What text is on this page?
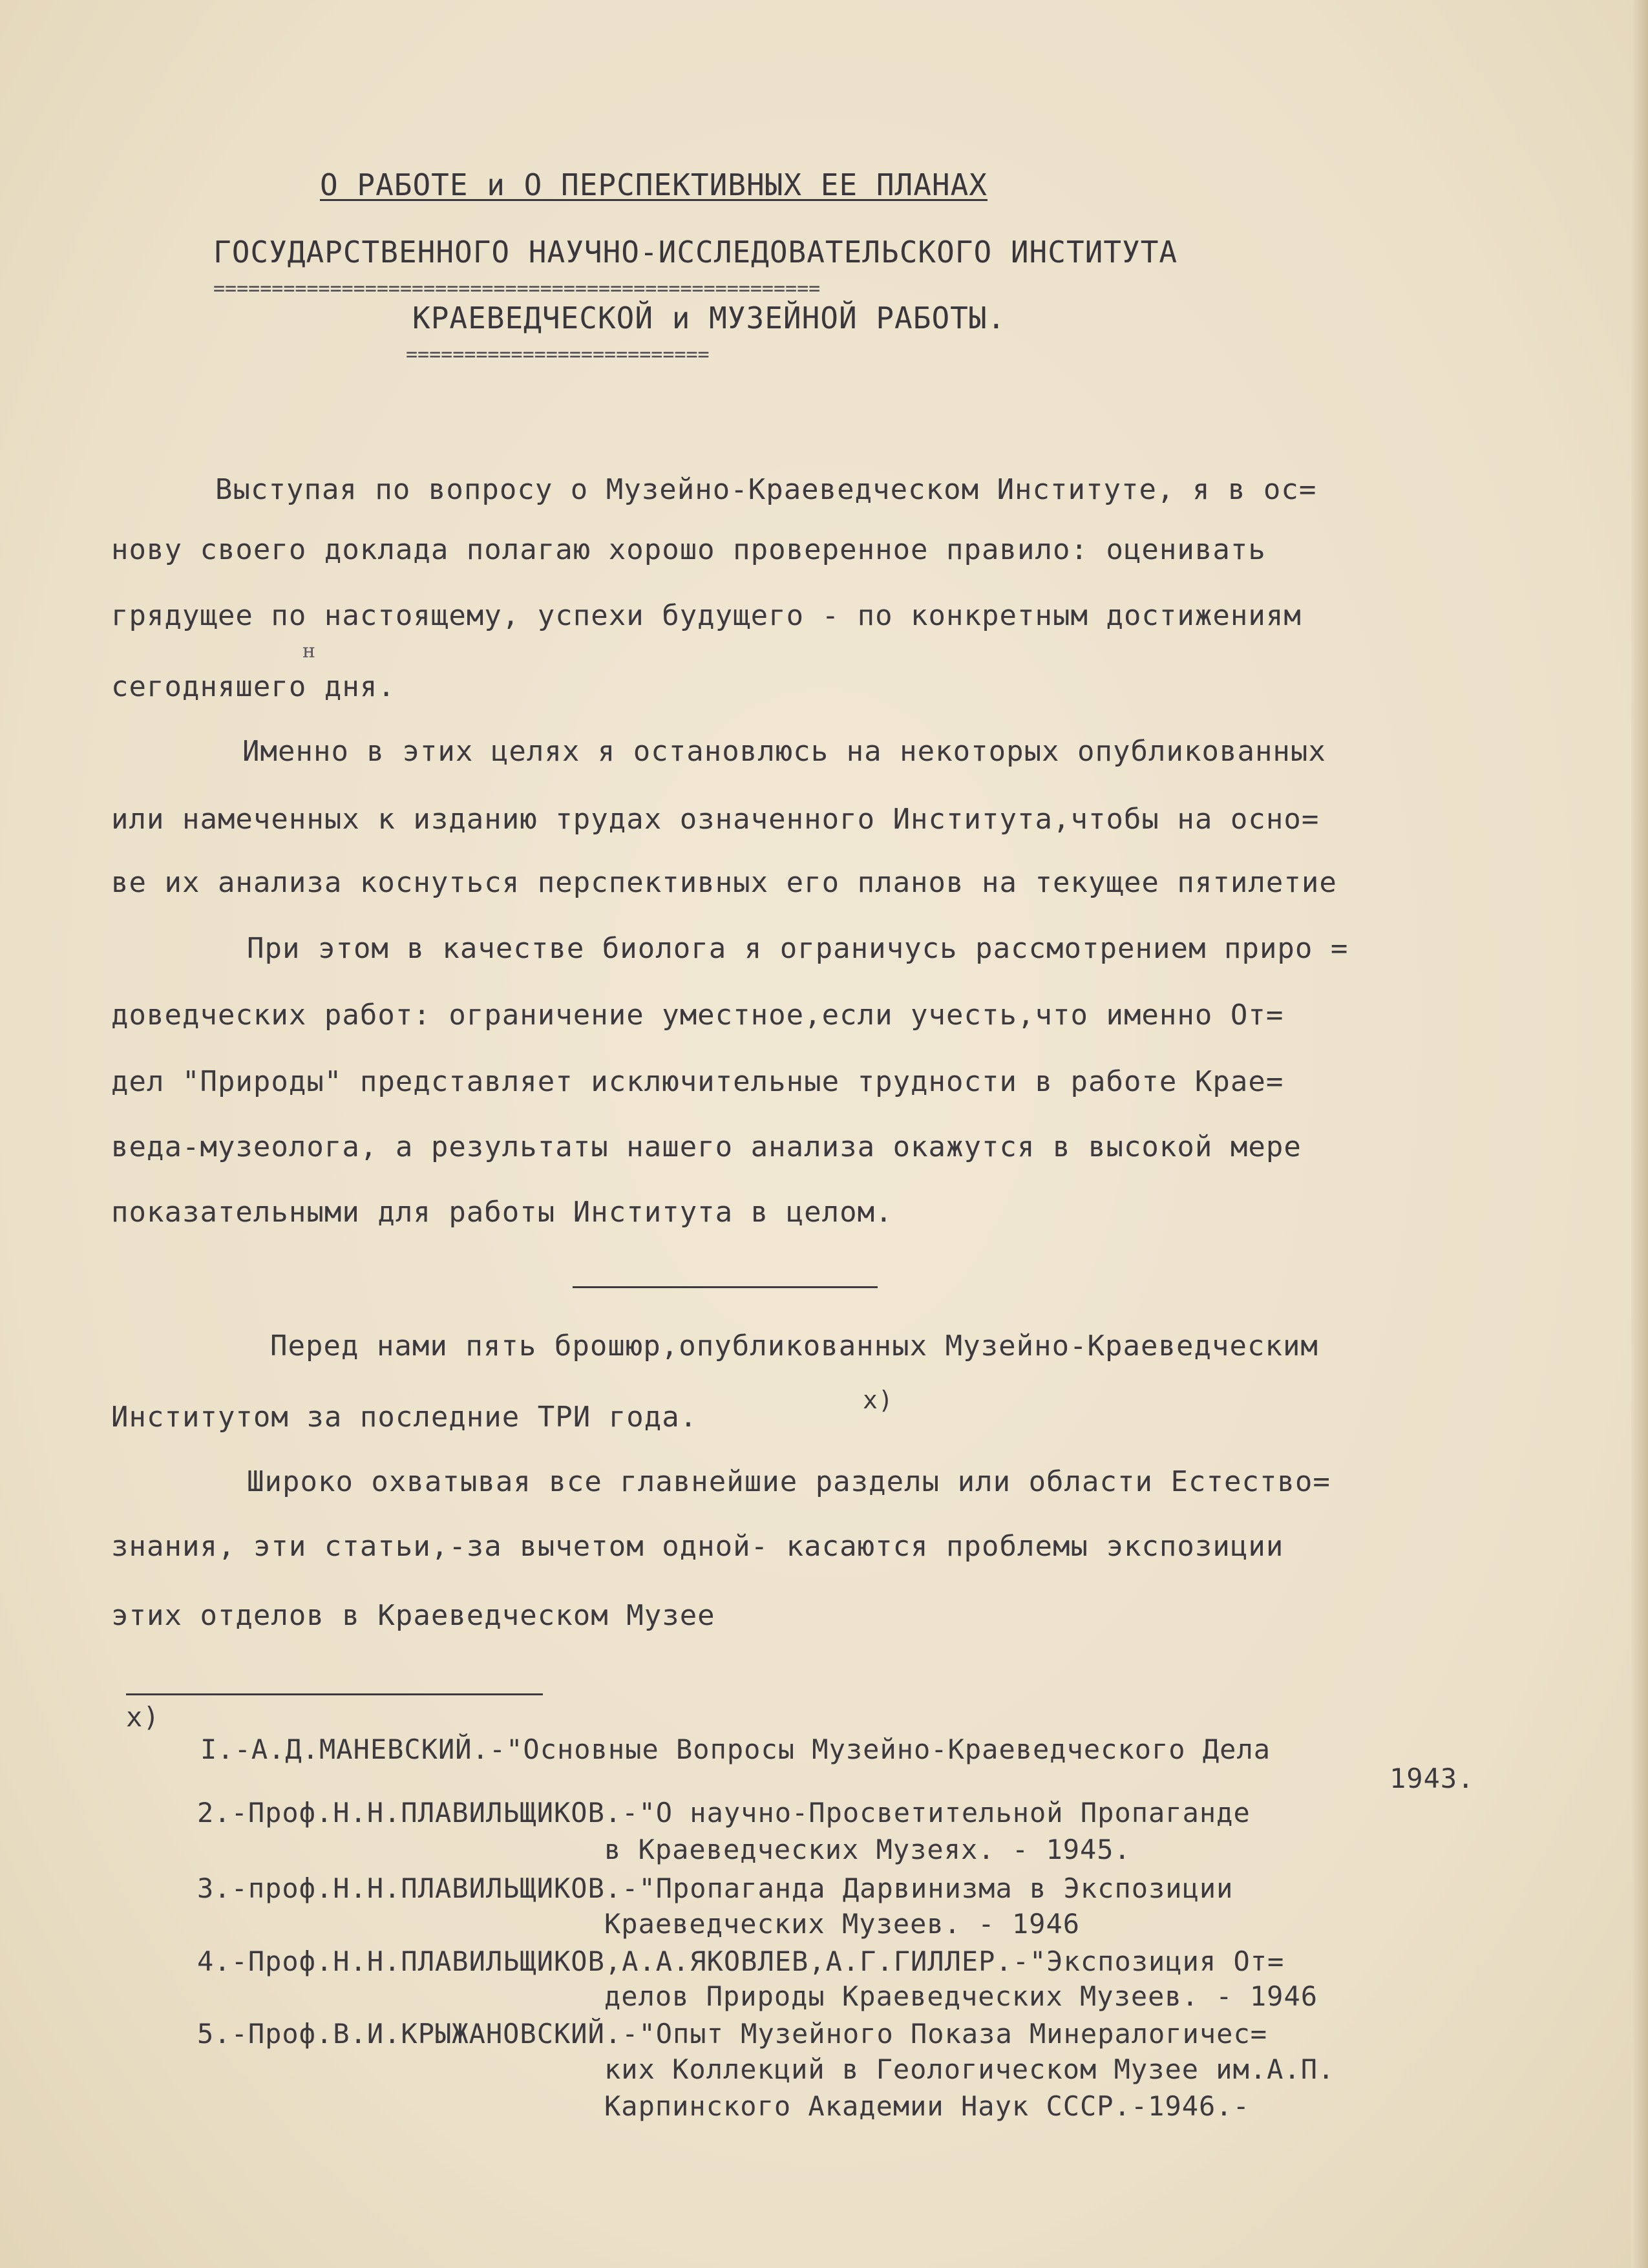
О РАБОТЕ и О ПЕРСПЕКТИВНЫХ ЕЕ ПЛАНАХ
ГОСУДАРСТВЕННОГО НАУЧНО-ИССЛЕДОВАТЕЛЬСКОГО ИНСТИТУТА
====================================================
КРАЕВЕДЧЕСКОЙ и МУЗЕЙНОЙ РАБОТЫ.
==========================
Выступая по вопросу о Музейно-Краеведческом Институте, я в ос=
нову своего доклада полагаю хорошо проверенное правило: оценивать
грядущее по настоящему, успехи будущего - по конкретным достижениям
н
сегодняшего дня.
Именно в этих целях я остановлюсь на некоторых опубликованных
или намеченных к изданию трудах означенного Института,чтобы на осно=
ве их анализа коснуться перспективных его планов на текущее пятилетие
При этом в качестве биолога я ограничусь рассмотрением приро =
доведческих работ: ограничение уместное,если учесть,что именно От=
дел "Природы" представляет исключительные трудности в работе Крае=
веда-музеолога, а результаты нашего анализа окажутся в высокой мере
показательными для работы Института в целом.
Перед нами пять брошюр,опубликованных Музейно-Краеведческим
Институтом за последние ТРИ года.
x)
Широко охватывая все главнейшие разделы или области Естество=
знания, эти статьи,-за вычетом одной- касаются проблемы экспозиции
этих отделов в Краеведческом Музее
x)
I.-А.Д.МАНЕВСКИЙ.-"Основные Вопросы Музейно-Краеведческого Дела
1943.
2.-Проф.Н.Н.ПЛАВИЛЬЩИКОВ.-"О научно-Просветительной Пропаганде
в Краеведческих Музеях. - 1945.
3.-проф.Н.Н.ПЛАВИЛЬЩИКОВ.-"Пропаганда Дарвинизма в Экспозиции
Краеведческих Музеев. - 1946
4.-Проф.Н.Н.ПЛАВИЛЬЩИКОВ,А.А.ЯКОВЛЕВ,А.Г.ГИЛЛЕР.-"Экспозиция От=
делов Природы Краеведческих Музеев. - 1946
5.-Проф.В.И.КРЫЖАНОВСКИЙ.-"Опыт Музейного Показа Минералогичес=
ких Коллекций в Геологическом Музее им.А.П.
Карпинского Академии Наук СССР.-1946.-
